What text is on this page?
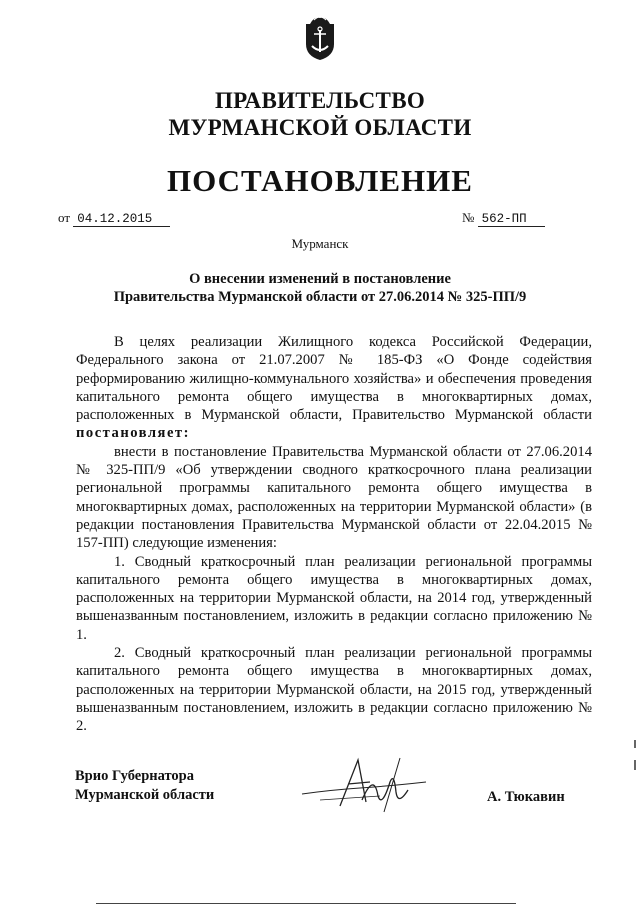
ПРАВИТЕЛЬСТВО
МУРМАНСКОЙ ОБЛАСТИ
ПОСТАНОВЛЕНИЕ
от 04.12.2015	№ 562-ПП
Мурманск
О внесении изменений в постановление
Правительства Мурманской области от 27.06.2014 № 325-ПП/9

В целях реализации Жилищного кодекса Российской Федерации, Федерального закона от 21.07.2007 № 185-ФЗ «О Фонде содействия реформированию жилищно-коммунального хозяйства» и обеспечения проведения капитального ремонта общего имущества в многоквартирных домах, расположенных в Мурманской области, Правительство Мурманской области постановляет:

внести в постановление Правительства Мурманской области от 27.06.2014 № 325-ПП/9 «Об утверждении сводного краткосрочного плана реализации региональной программы капитального ремонта общего имущества в многоквартирных домах, расположенных на территории Мурманской области» (в редакции постановления Правительства Мурманской области от 22.04.2015 № 157-ПП) следующие изменения:

1. Сводный краткосрочный план реализации региональной программы капитального ремонта общего имущества в многоквартирных домах, расположенных на территории Мурманской области, на 2014 год, утвержденный вышеназванным постановлением, изложить в редакции согласно приложению № 1.

2. Сводный краткосрочный план реализации региональной программы капитального ремонта общего имущества в многоквартирных домах, расположенных на территории Мурманской области, на 2015 год, утвержденный вышеназванным постановлением, изложить в редакции согласно приложению № 2.

Врио Губернатора
Мурманской области	А. Тюкавин
